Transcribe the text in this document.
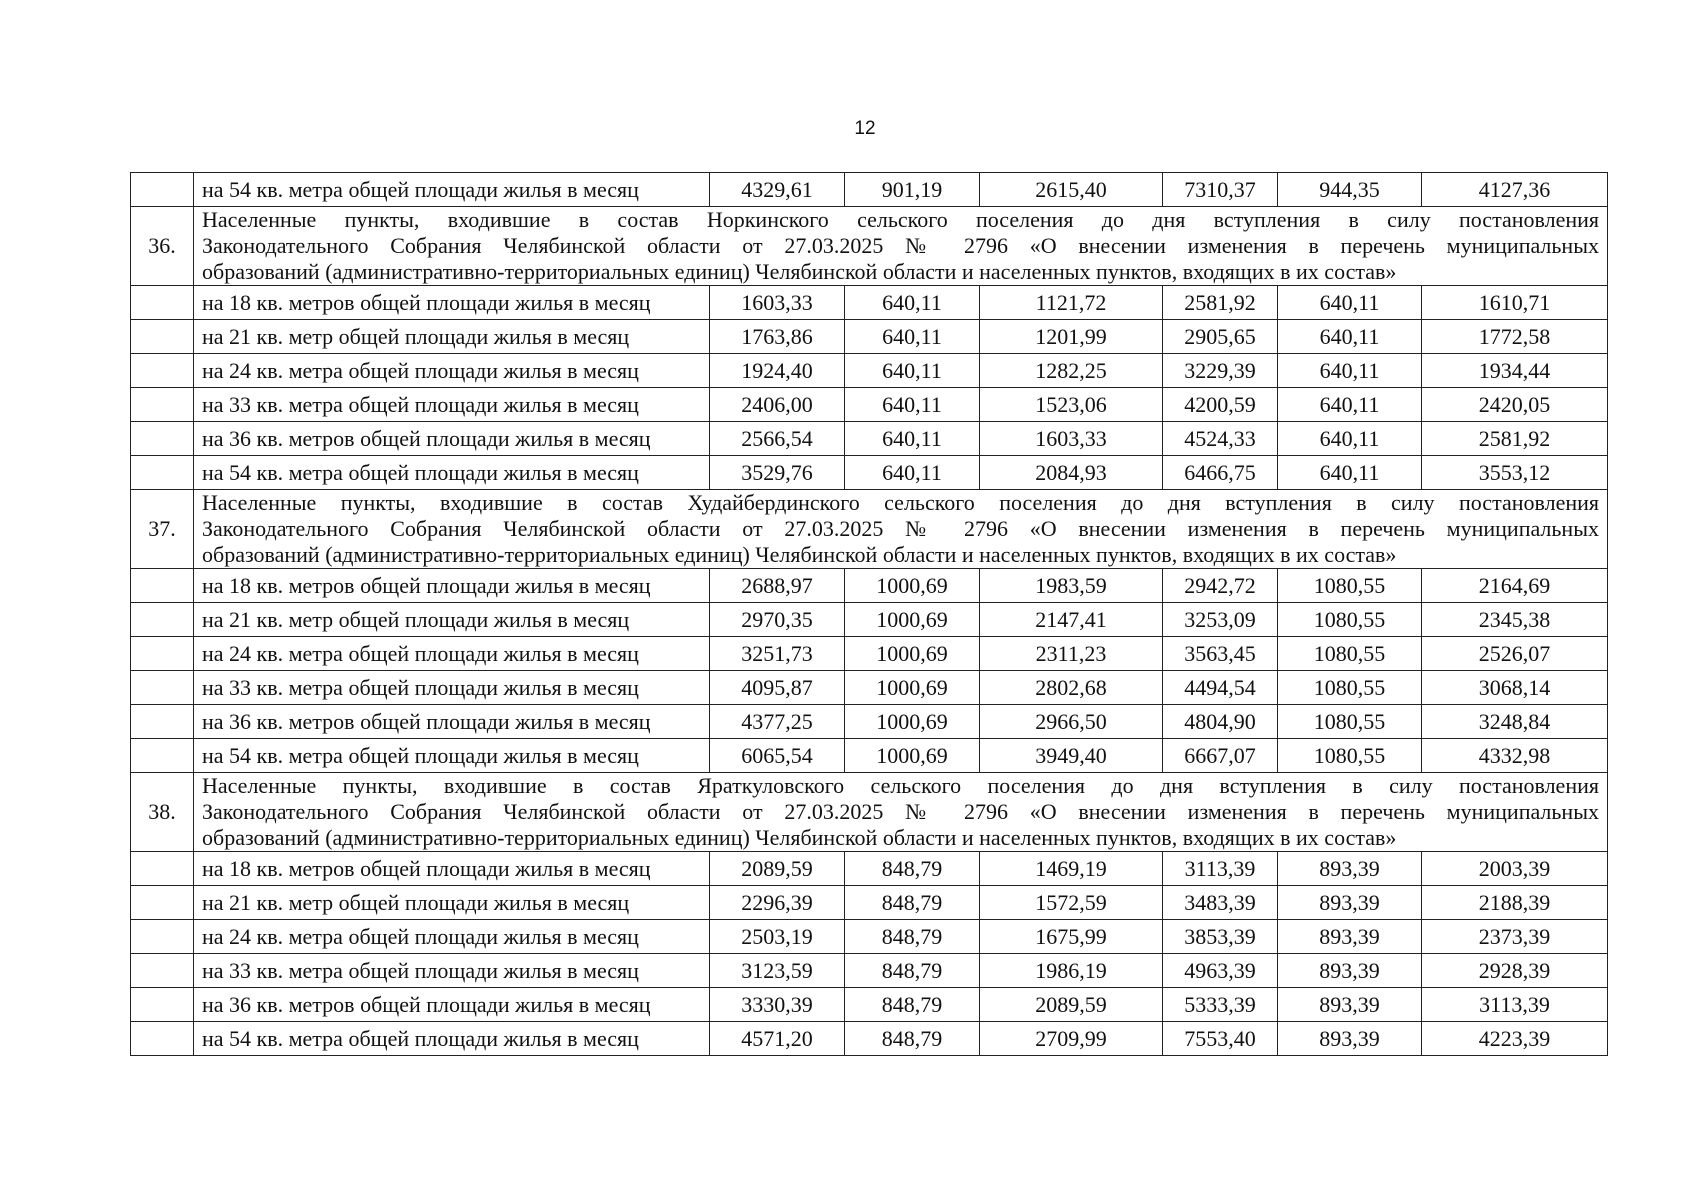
12
	на 54 кв. метра общей площади жилья в месяц	4329,61	901,19	2615,40	7310,37	944,35	4127,36
36.	Населенные пункты, входившие в состав Норкинского сельского поселения до дня вступления в силу постановления
Законодательного Собрания Челябинской области от 27.03.2025 № 2796 «О внесении изменения в перечень муниципальных
образований (административно-территориальных единиц) Челябинской области и населенных пунктов, входящих в их состав»						

	на 18 кв. метров общей площади жилья в месяц	1603,33	640,11	1121,72	2581,92	640,11	1610,71
	на 21 кв. метр общей площади жилья в месяц	1763,86	640,11	1201,99	2905,65	640,11	1772,58
	на 24 кв. метра общей площади жилья в месяц	1924,40	640,11	1282,25	3229,39	640,11	1934,44
	на 33 кв. метра общей площади жилья в месяц	2406,00	640,11	1523,06	4200,59	640,11	2420,05
	на 36 кв. метров общей площади жилья в месяц	2566,54	640,11	1603,33	4524,33	640,11	2581,92
	на 54 кв. метра общей площади жилья в месяц	3529,76	640,11	2084,93	6466,75	640,11	3553,12
37.	Населенные пункты, входившие в состав Худайбердинского сельского поселения до дня вступления в силу постановления
Законодательного Собрания Челябинской области от 27.03.2025 № 2796 «О внесении изменения в перечень муниципальных
образований (административно-территориальных единиц) Челябинской области и населенных пунктов, входящих в их состав»						

	на 18 кв. метров общей площади жилья в месяц	2688,97	1000,69	1983,59	2942,72	1080,55	2164,69
	на 21 кв. метр общей площади жилья в месяц	2970,35	1000,69	2147,41	3253,09	1080,55	2345,38
	на 24 кв. метра общей площади жилья в месяц	3251,73	1000,69	2311,23	3563,45	1080,55	2526,07
	на 33 кв. метра общей площади жилья в месяц	4095,87	1000,69	2802,68	4494,54	1080,55	3068,14
	на 36 кв. метров общей площади жилья в месяц	4377,25	1000,69	2966,50	4804,90	1080,55	3248,84
	на 54 кв. метра общей площади жилья в месяц	6065,54	1000,69	3949,40	6667,07	1080,55	4332,98
38.	Населенные пункты, входившие в состав Яраткуловского сельского поселения до дня вступления в силу постановления
Законодательного Собрания Челябинской области от 27.03.2025 № 2796 «О внесении изменения в перечень муниципальных
образований (административно-территориальных единиц) Челябинской области и населенных пунктов, входящих в их состав»						

	на 18 кв. метров общей площади жилья в месяц	2089,59	848,79	1469,19	3113,39	893,39	2003,39
	на 21 кв. метр общей площади жилья в месяц	2296,39	848,79	1572,59	3483,39	893,39	2188,39
	на 24 кв. метра общей площади жилья в месяц	2503,19	848,79	1675,99	3853,39	893,39	2373,39
	на 33 кв. метра общей площади жилья в месяц	3123,59	848,79	1986,19	4963,39	893,39	2928,39
	на 36 кв. метров общей площади жилья в месяц	3330,39	848,79	2089,59	5333,39	893,39	3113,39
	на 54 кв. метра общей площади жилья в месяц	4571,20	848,79	2709,99	7553,40	893,39	4223,39
